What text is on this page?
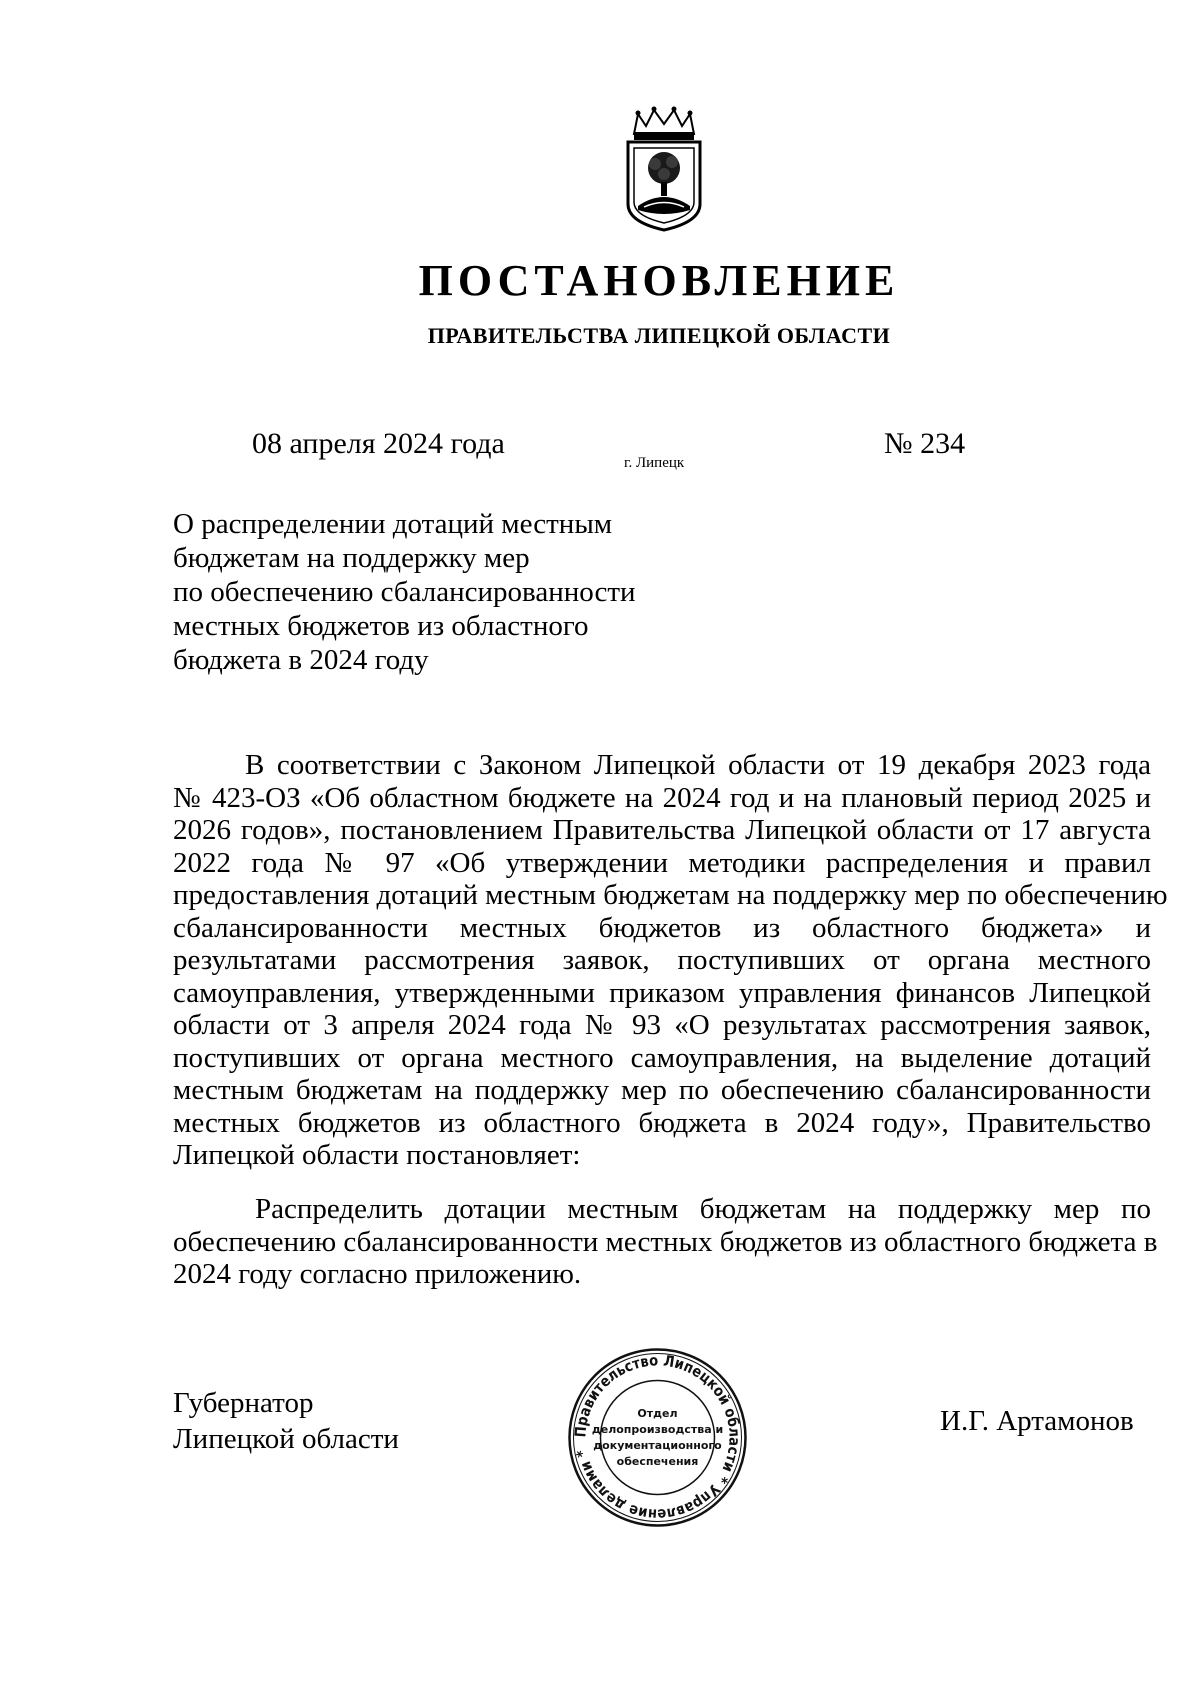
ПОСТАНОВЛЕНИЕ
ПРАВИТЕЛЬСТВА ЛИПЕЦКОЙ ОБЛАСТИ
08 апреля 2024 года
г. Липецк
№ 234
О распределении дотаций местным
бюджетам на поддержку мер
по обеспечению сбалансированности
местных бюджетов из областного
бюджета в 2024 году
В соответствии с Законом Липецкой области от 19 декабря 2023 года
№ 423-ОЗ «Об областном бюджете на 2024 год и на плановый период 2025 и
2026 годов», постановлением Правительства Липецкой области от 17 августа
2022 года № 97 «Об утверждении методики распределения и правил
предоставления дотаций местным бюджетам на поддержку мер по обеспечению
сбалансированности местных бюджетов из областного бюджета» и
результатами рассмотрения заявок, поступивших от органа местного
самоуправления, утвержденными приказом управления финансов Липецкой
области от 3 апреля 2024 года № 93 «О результатах рассмотрения заявок,
поступивших от органа местного самоуправления, на выделение дотаций
местным бюджетам на поддержку мер по обеспечению сбалансированности
местных бюджетов из областного бюджета в 2024 году», Правительство
Липецкой области постановляет:
Распределить дотации местным бюджетам на поддержку мер по
обеспечению сбалансированности местных бюджетов из областного бюджета в
2024 году согласно приложению.
Губернатор
Липецкой области
И.Г. Артамонов
Правительство Липецкой области * Управление делами *
Отдел
делопроизводства и
документационного
обеспечения
